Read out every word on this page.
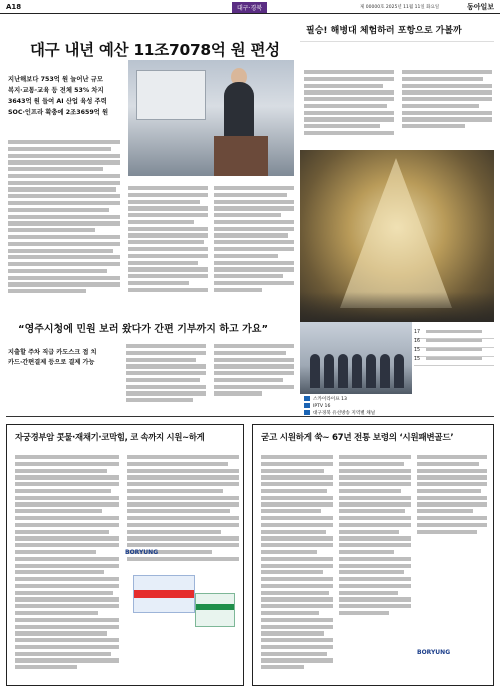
A18	대구·경북	제 00000호 2025년 11월 11일 화요일	동아일보
대구 내년 예산 11조7078억 원 편성
지난해보다 753억 원 늘어난 규모
복지·교통·교육 등 전체 53% 차지
3643억 원 들여 AI 산업 육성 주력
SOC·인프라 확충에 2조3659억 원
필승! 해병대 체험하러 포항으로 가볼까
17
16
15
15
스카이라이프 13
IPTV 16
대구경북 유선방송 지역별 채널
“영주시청에 민원 보러 왔다가 간편 기부까지 하고 가요”
지출할 주차 직급 카도스크 접 치
카드·간편결제 등으로 결제 가능
자궁경부암 콧물·재채기·코막힘, 코 속까지 시원~하게
BORYUNG
굳고 시원하게 쑥~ 67년 전통 보령의 ‘시원패변골드’
BORYUNG
